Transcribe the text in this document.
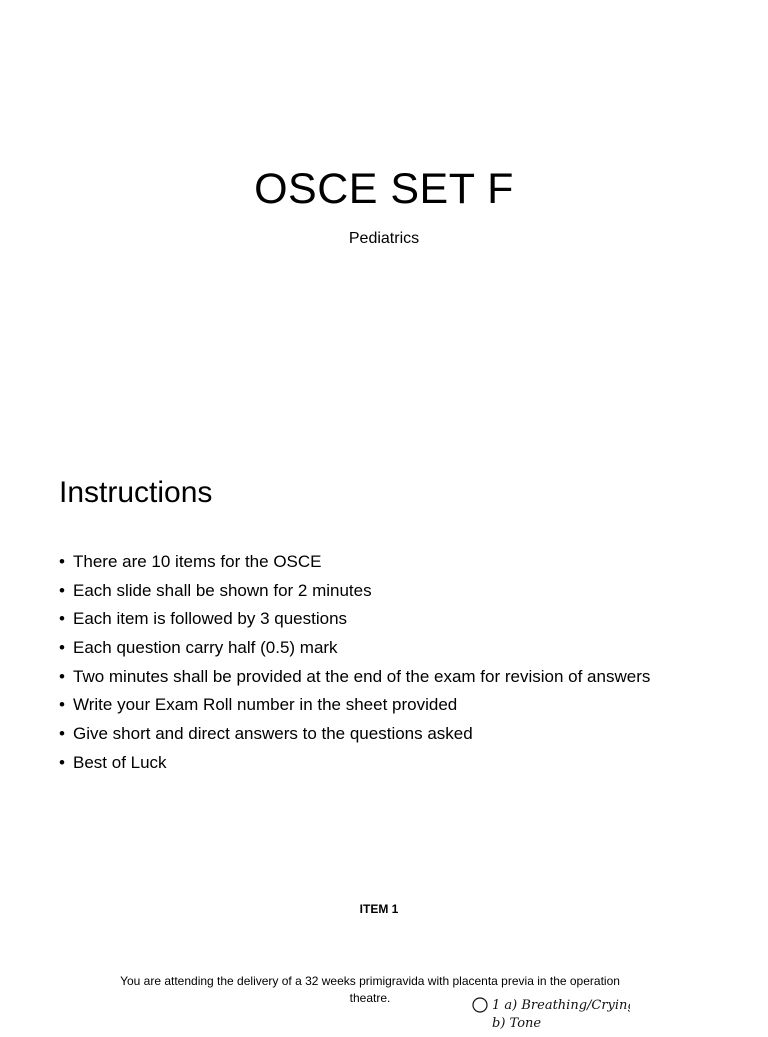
OSCE SET F
Pediatrics
Instructions
• There are 10 items for the OSCE
• Each slide shall be shown for 2 minutes
• Each item is followed by 3 questions
• Each question carry half (0.5) mark
• Two minutes shall be provided at the end of the exam for revision of answers
• Write your Exam Roll number in the sheet provided
• Give short and direct answers to the questions asked
• Best of Luck
ITEM 1
You are attending the delivery of a 32 weeks primigravida with placenta previa in the operation theatre.	1 a) Breathing/Crying
b) Tone
